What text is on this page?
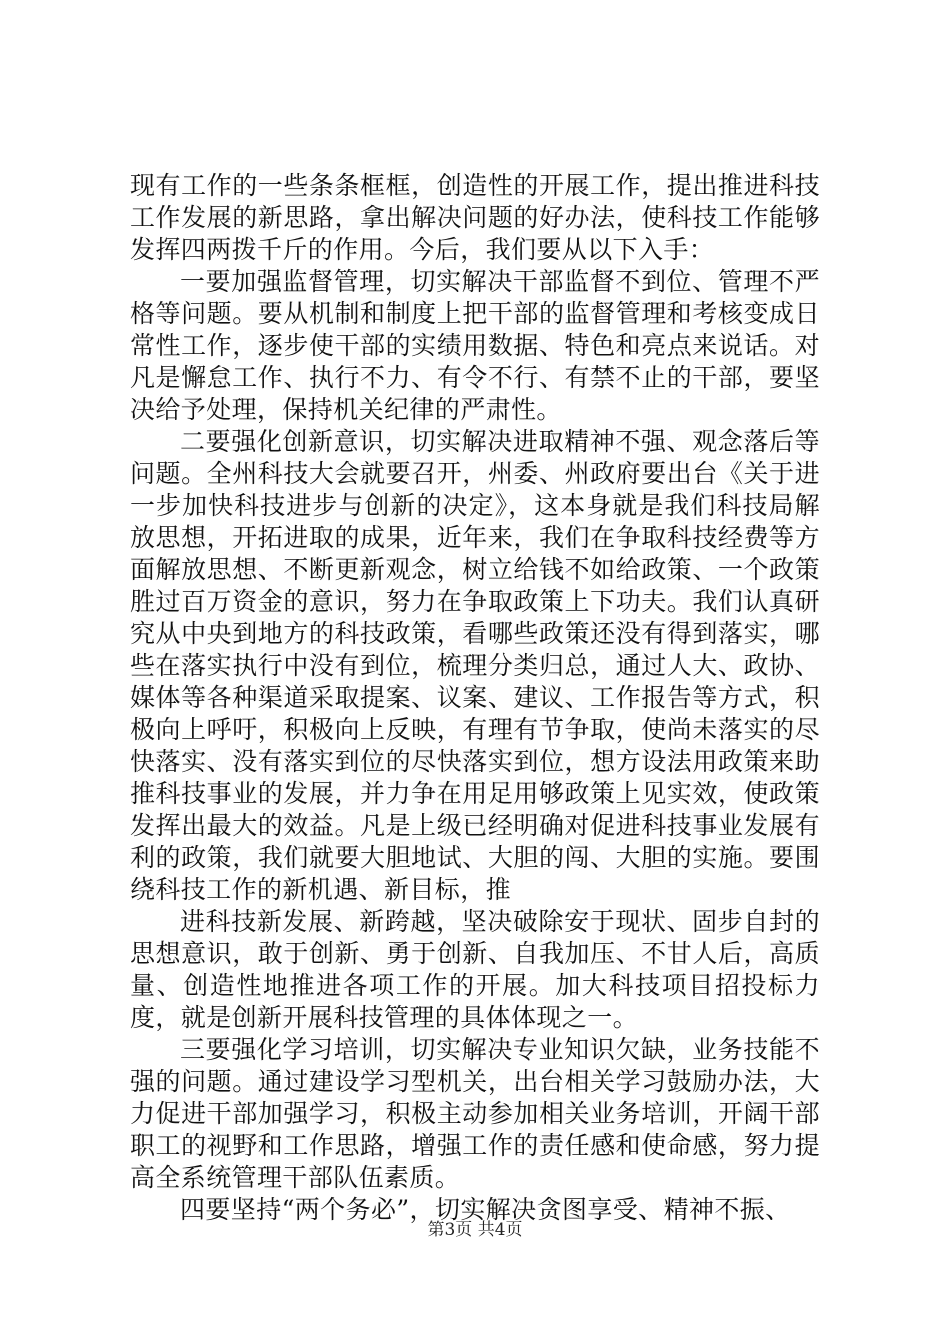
现有工作的一些条条框框，创造性的开展工作，提出推进科技工作发展的新思路，拿出解决问题的好办法，使科技工作能够发挥四两拨千斤的作用。今后，我们要从以下入手：

一要加强监督管理，切实解决干部监督不到位、管理不严格等问题。要从机制和制度上把干部的监督管理和考核变成日常性工作，逐步使干部的实绩用数据、特色和亮点来说话。对凡是懈怠工作、执行不力、有令不行、有禁不止的干部，要坚决给予处理，保持机关纪律的严肃性。

二要强化创新意识，切实解决进取精神不强、观念落后等问题。全州科技大会就要召开，州委、州政府要出台《关于进一步加快科技进步与创新的决定》，这本身就是我们科技局解放思想，开拓进取的成果，近年来，我们在争取科技经费等方面解放思想、不断更新观念，树立给钱不如给政策、一个政策胜过百万资金的意识，努力在争取政策上下功夫。我们认真研究从中央到地方的科技政策，看哪些政策还没有得到落实，哪些在落实执行中没有到位，梳理分类归总，通过人大、政协、媒体等各种渠道采取提案、议案、建议、工作报告等方式，积极向上呼吁，积极向上反映，有理有节争取，使尚未落实的尽快落实、没有落实到位的尽快落实到位，想方设法用政策来助推科技事业的发展，并力争在用足用够政策上见实效，使政策发挥出最大的效益。凡是上级已经明确对促进科技事业发展有利的政策，我们就要大胆地试、大胆的闯、大胆的实施。要围绕科技工作的新机遇、新目标，推

进科技新发展、新跨越，坚决破除安于现状、固步自封的思想意识，敢于创新、勇于创新、自我加压、不甘人后，高质量、创造性地推进各项工作的开展。加大科技项目招投标力度，就是创新开展科技管理的具体体现之一。

三要强化学习培训，切实解决专业知识欠缺，业务技能不强的问题。通过建设学习型机关，出台相关学习鼓励办法，大力促进干部加强学习，积极主动参加相关业务培训，开阔干部职工的视野和工作思路，增强工作的责任感和使命感，努力提高全系统管理干部队伍素质。

四要坚持“两个务必”，切实解决贪图享受、精神不振、

第3页 共4页
